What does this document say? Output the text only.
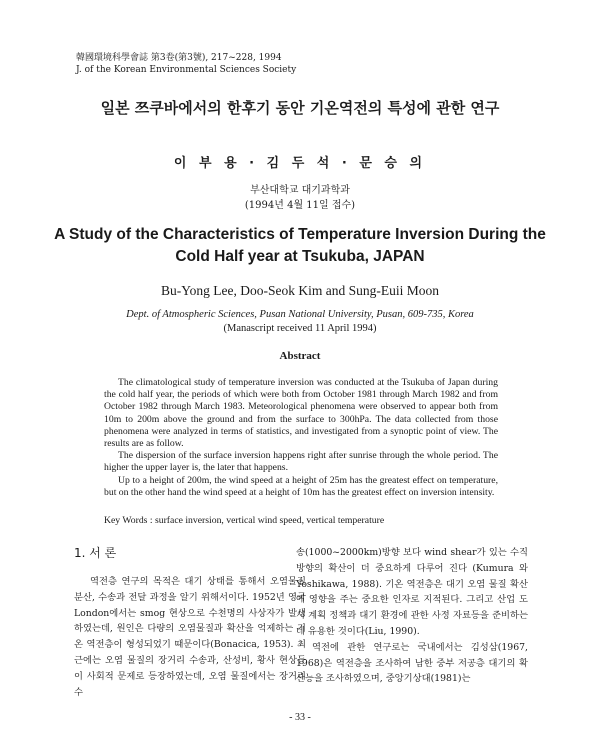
韓國環境科學會誌 第3卷(第3號), 217~228, 1994
J. of the Korean Environmental Sciences Society
일본 쯔쿠바에서의 한후기 동안 기온역전의 특성에 관한 연구
이 부 용 · 김 두 석 · 문 승 의
부산대학교 대기과학과
(1994년 4월 11일 접수)
A Study of the Characteristics of Temperature Inversion During the Cold Half year at Tsukuba, JAPAN
Bu-Yong Lee, Doo-Seok Kim and Sung-Euii Moon
Dept. of Atmospheric Sciences, Pusan National University, Pusan, 609-735, Korea
(Manascript received 11 April 1994)
Abstract

The climatological study of temperature inversion was conducted at the Tsukuba of Japan during the cold half year, the periods of which were both from October 1981 through March 1982 and from October 1982 through March 1983. Meteorological phenomena were observed to appear both from 10m to 200m above the ground and from the surface to 300hPa. The data collected from those phenomena were analyzed in terms of statistics, and investigated from a synoptic point of view. The results are as follow.

The dispersion of the surface inversion happens right after sunrise through the whole period. The higher the upper layer is, the later that happens.

Up to a height of 200m, the wind speed at a height of 25m has the greatest effect on temperature, but on the other hand the wind speed at a height of 10m has the greatest effect on inversion intensity.

Key Words : surface inversion, vertical wind speed, vertical temperature
1. 서 론

역전층 연구의 목적은 대기 상태를 통해서 오염물질 분산, 수송과 전달 과정을 알기 위해서이다. 1952년 영국 London에서는 smog 현상으로 수천명의 사상자가 발생하였는데, 원인은 다량의 오염물질과 확산을 억제하는 기온 역전층이 형성되었기 때문이다(Bonacica, 1953). 최근에는 오염 물질의 장거리 수송과, 산성비, 황사 현상등이 사회적 문제로 등장하였는데, 오염 물질에서는 장거리 수

송(1000~2000km)방향 보다 wind shear가 있는 수직방향의 확산이 더 중요하게 다루어 진다 (Kumura 와 Yoshikawa, 1988). 기온 역전층은 대기 오염 물질 확산에 영향을 주는 중요한 인자로 지적된다. 그리고 산업 도시 계획 정책과 대기 환경에 관한 사정 자료등을 준비하는데 유용한 것이다(Liu, 1990).

역전에 관한 연구로는 국내에서는 김성삼(1967, 1968)은 역전층을 조사하여 남한 중부 저공층 대기의 확산능을 조사하였으며, 중앙기상대(1981)는

- 33 -
